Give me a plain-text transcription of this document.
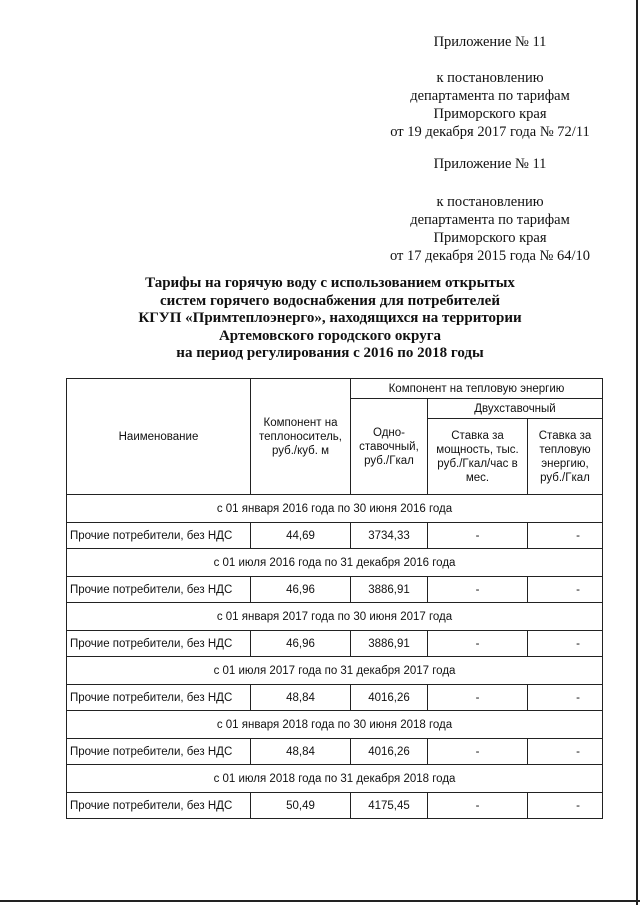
Приложение № 11
к постановлению
департамента по тарифам
Приморского края
от 19 декабря 2017 года № 72/11
Приложение № 11
к постановлению
департамента по тарифам
Приморского края
от 17 декабря 2015 года № 64/10
Тарифы на горячую воду с использованием открытых
систем горячего водоснабжения для потребителей
КГУП «Примтеплоэнерго», находящихся на территории
Артемовского городского округа
на период регулирования с 2016 по 2018 годы
Наименование	Компонент на теплоноситель, руб./куб. м	Компонент на тепловую энергию		
		Одно-ставочный, руб./Гкал	Двухставочный	
			Ставка за мощность, тыс. руб./Гкал/час в мес.	Ставка за тепловую энергию, руб./Гкал
с 01 января 2016 года по 30 июня 2016 года				
Прочие потребители, без НДС	44,69	3734,33	-	-
с 01 июля 2016 года по 31 декабря 2016 года				
Прочие потребители, без НДС	46,96	3886,91	-	-
с 01 января 2017 года по 30 июня 2017 года				
Прочие потребители, без НДС	46,96	3886,91	-	-
с 01 июля 2017 года по 31 декабря 2017 года				
Прочие потребители, без НДС	48,84	4016,26	-	-
с 01 января 2018 года по 30 июня 2018 года				
Прочие потребители, без НДС	48,84	4016,26	-	-
с 01 июля 2018 года по 31 декабря 2018 года				
Прочие потребители, без НДС	50,49	4175,45	-	-
